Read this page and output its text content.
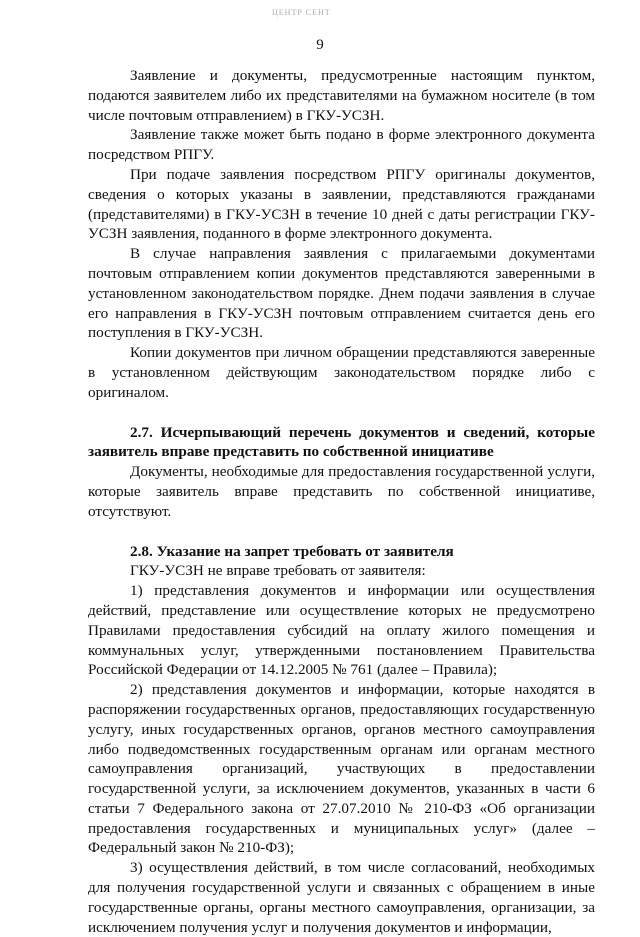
ЦЕНТР СЕНТ
9

Заявление и документы, предусмотренные настоящим пунктом, подаются заявителем либо их представителями на бумажном носителе (в том числе почтовым отправлением) в ГКУ-УСЗН.

Заявление также может быть подано в форме электронного документа посредством РПГУ.

При подаче заявления посредством РПГУ оригиналы документов, сведения о которых указаны в заявлении, представляются гражданами (представителями) в ГКУ-УСЗН в течение 10 дней с даты регистрации ГКУ-УСЗН заявления, поданного в форме электронного документа.

В случае направления заявления с прилагаемыми документами почтовым отправлением копии документов представляются заверенными в установленном законодательством порядке. Днем подачи заявления в случае его направления в ГКУ-УСЗН почтовым отправлением считается день его поступления в ГКУ-УСЗН.

Копии документов при личном обращении представляются заверенные в установленном действующим законодательством порядке либо с оригиналом.

2.7. Исчерпывающий перечень документов и сведений, которые заявитель вправе представить по собственной инициативе

Документы, необходимые для предоставления государственной услуги, которые заявитель вправе представить по собственной инициативе, отсутствуют.

2.8. Указание на запрет требовать от заявителя

ГКУ-УСЗН не вправе требовать от заявителя:

1) представления документов и информации или осуществления действий, представление или осуществление которых не предусмотрено Правилами предоставления субсидий на оплату жилого помещения и коммунальных услуг, утвержденными постановлением Правительства Российской Федерации от 14.12.2005 № 761 (далее – Правила);

2) представления документов и информации, которые находятся в распоряжении государственных органов, предоставляющих государственную услугу, иных государственных органов, органов местного самоуправления либо подведомственных государственным органам или органам местного самоуправления организаций, участвующих в предоставлении государственной услуги, за исключением документов, указанных в части 6 статьи 7 Федерального закона от 27.07.2010 № 210-ФЗ «Об организации предоставления государственных и муниципальных услуг» (далее – Федеральный закон № 210-ФЗ);

3) осуществления действий, в том числе согласований, необходимых для получения государственной услуги и связанных с обращением в иные государственные органы, органы местного самоуправления, организации, за исключением получения услуг и получения документов и информации,
